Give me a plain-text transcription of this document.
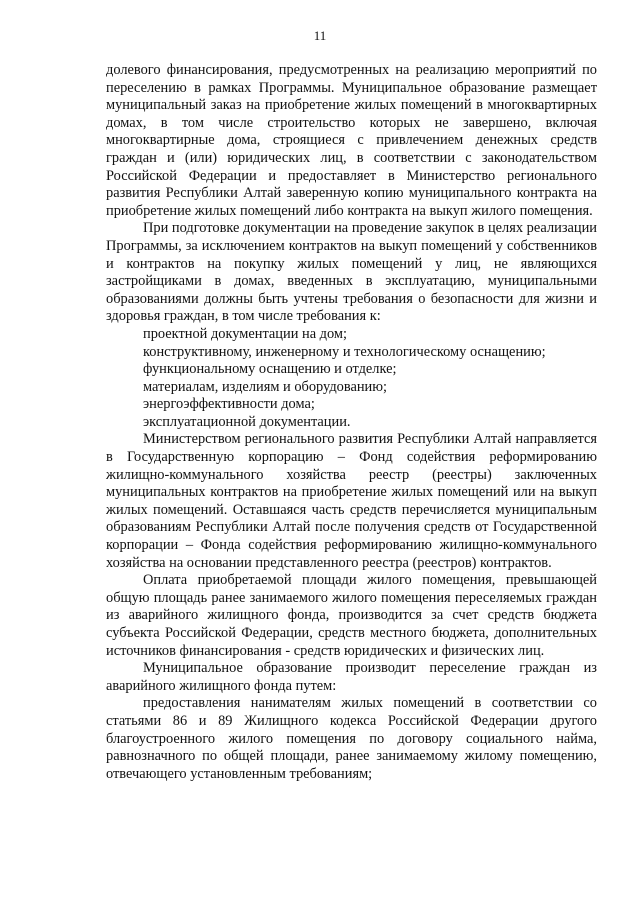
11

долевого финансирования, предусмотренных на реализацию мероприятий по переселению в рамках Программы. Муниципальное образование размещает муниципальный заказ на приобретение жилых помещений в многоквартирных домах, в том числе строительство которых не завершено, включая многоквартирные дома, строящиеся с привлечением денежных средств граждан и (или) юридических лиц, в соответствии с законодательством Российской Федерации и предоставляет в Министерство регионального развития Республики Алтай заверенную копию муниципального контракта на приобретение жилых помещений либо контракта на выкуп жилого помещения.

При подготовке документации на проведение закупок в целях реализации Программы, за исключением контрактов на выкуп помещений у собственников и контрактов на покупку жилых помещений у лиц, не являющихся застройщиками в домах, введенных в эксплуатацию, муниципальными образованиями должны быть учтены требования о безопасности для жизни и здоровья граждан, в том числе требования к:

проектной документации на дом;

конструктивному, инженерному и технологическому оснащению;

функциональному оснащению и отделке;

материалам, изделиям и оборудованию;

энергоэффективности дома;

эксплуатационной документации.

Министерством регионального развития Республики Алтай направляется в Государственную корпорацию – Фонд содействия реформированию жилищно-коммунального хозяйства реестр (реестры) заключенных муниципальных контрактов на приобретение жилых помещений или на выкуп жилых помещений. Оставшаяся часть средств перечисляется муниципальным образованиям Республики Алтай после получения средств от Государственной корпорации – Фонда содействия реформированию жилищно-коммунального хозяйства на основании представленного реестра (реестров) контрактов.

Оплата приобретаемой площади жилого помещения, превышающей общую площадь ранее занимаемого жилого помещения переселяемых граждан из аварийного жилищного фонда, производится за счет средств бюджета субъекта Российской Федерации, средств местного бюджета, дополнительных источников финансирования - средств юридических и физических лиц.

Муниципальное образование производит переселение граждан из аварийного жилищного фонда путем:

предоставления нанимателям жилых помещений в соответствии со статьями 86 и 89 Жилищного кодекса Российской Федерации другого благоустроенного жилого помещения по договору социального найма, равнозначного по общей площади, ранее занимаемому жилому помещению, отвечающего установленным требованиям;
